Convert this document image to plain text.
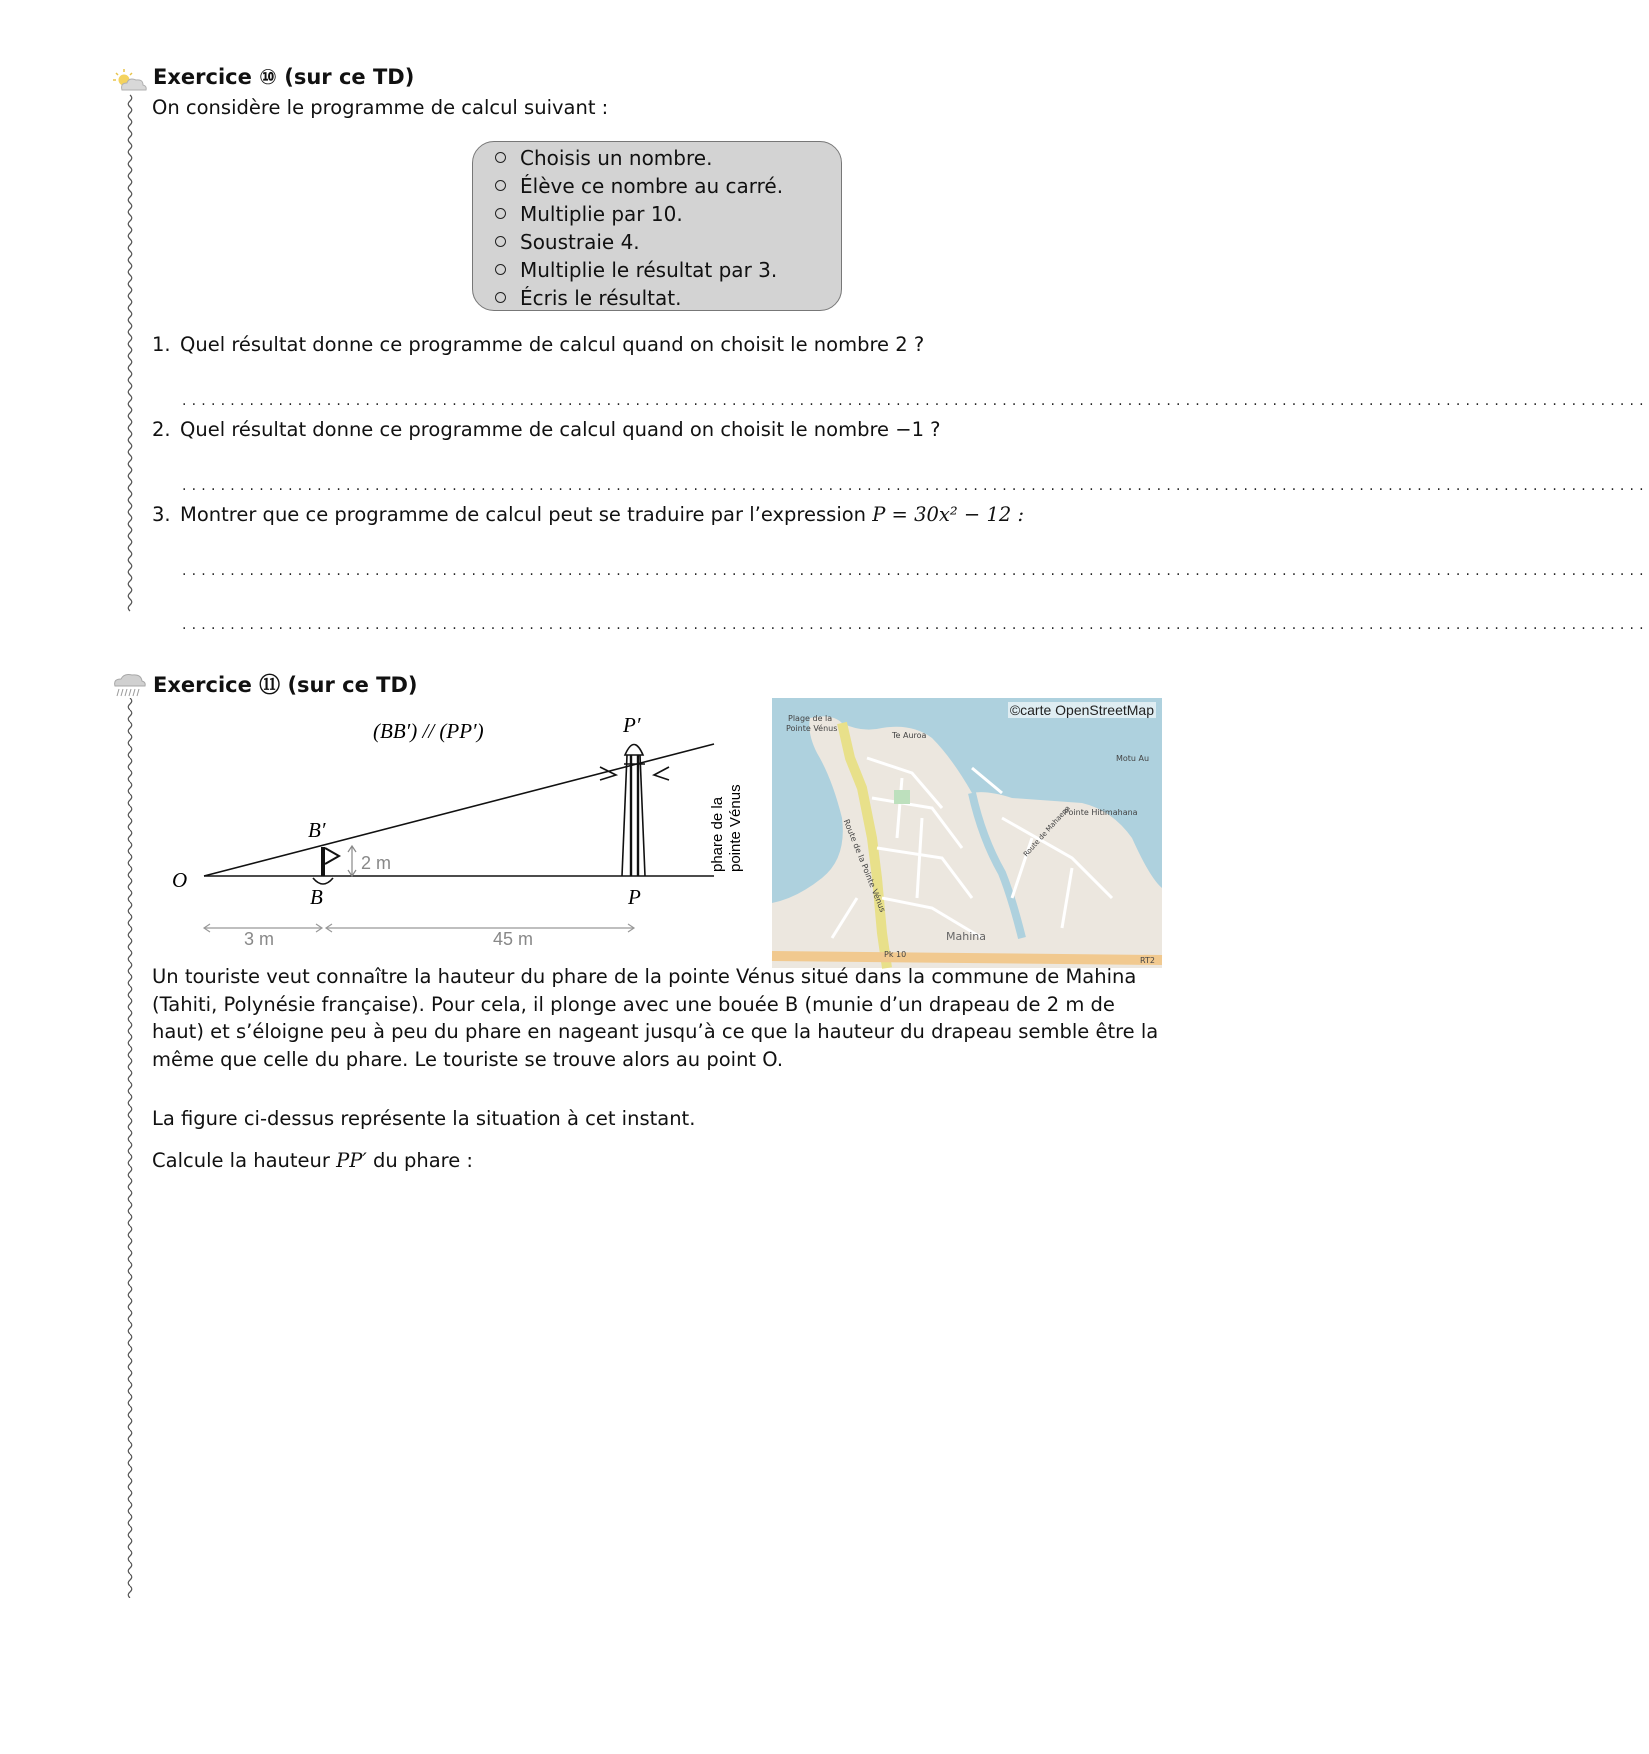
Exercice ⑩ (sur ce TD)
On considère le programme de calcul suivant :
Choisis un nombre.
Élève ce nombre au carré.
Multiplie par 10.
Soustraie 4.
Multiplie le résultat par 3.
Écris le résultat.
1. Quel résultat donne ce programme de calcul quand on choisit le nombre 2 ?
........................................................................................................................................................
2. Quel résultat donne ce programme de calcul quand on choisit le nombre −1 ?
........................................................................................................................................................
3. Montrer que ce programme de calcul peut se traduire par l’expression P = 30x² − 12 :
........................................................................................................................................................
........................................................................................................................................................
Exercice ⑪ (sur ce TD)
(BB′) // (PP′)
2 m
O
B
B′
P
P′
phare de la pointe Vénus
3 m	45 m
©carte OpenStreetMap
Plage de la
Pointe Vénus
Te Auroa
Motu Au
Pointe Hitimahana
Route de la Pointe Vénus
Mahina
Pk 10
Route de Mahaena
RT2
Un touriste veut connaître la hauteur du phare de la pointe Vénus situé dans la commune de Mahina (Tahiti, Polynésie française). Pour cela, il plonge avec une bouée B (munie d’un drapeau de 2 m de haut) et s’éloigne peu à peu du phare en nageant jusqu’à ce que la hauteur du drapeau semble être la même que celle du phare. Le touriste se trouve alors au point O.
La figure ci-dessus représente la situation à cet instant.
Calcule la hauteur PP′ du phare :
